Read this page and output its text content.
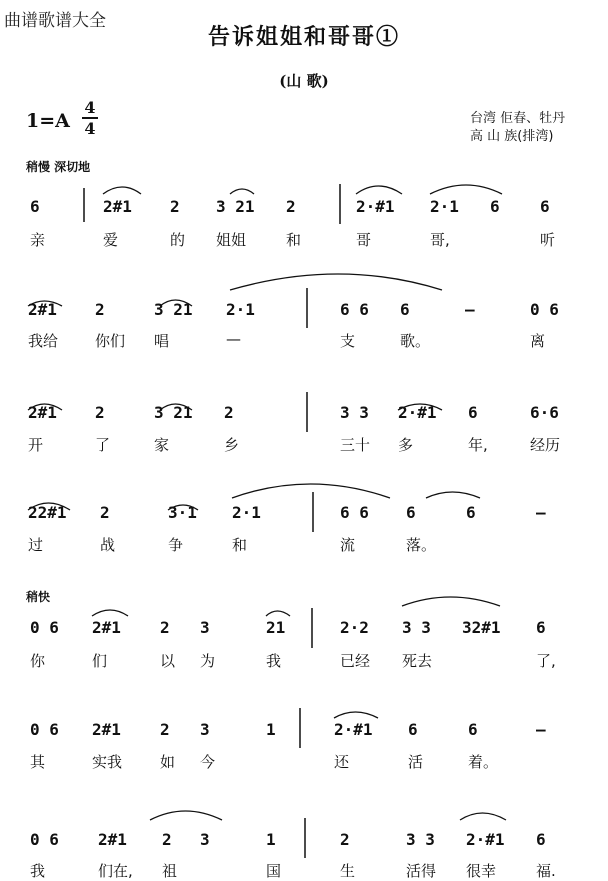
曲谱歌谱大全
告诉姐姐和哥哥①
(山 歌)
1=A
4
4
台湾 佢春、牡丹
高 山 族(排湾)
稍慢 深切地
稍快
6	2#1 2 3 21 2	2·#1 2·1 6	6
亲	爱	的 姐姐	和	哥	哥,	听
2#1 2	3 21 2·1	6 6 6	–	0 6
我给 你们 唱	—	支	歌。	离
2#1 2	3 21 2	3 3 2·#1 6	6·6
开	了	家	乡	三十 多	年,	经历
22#1 2	3·1 2·1	6 6 6	6	–
过	战	争	和	流	落。
0 6 2#1 2 3	21	2·2 3 3 32#1 6
你	们	以 为	我	已经 死去	了,
0 6 2#1 2 3	1	2·#1 6	6	–
其	实我	如 今	还	活	着。
0 6 2#1 2 3	1	2	3 3 2·#1 6
我	们在, 祖	国	生	活得 很幸	福.
